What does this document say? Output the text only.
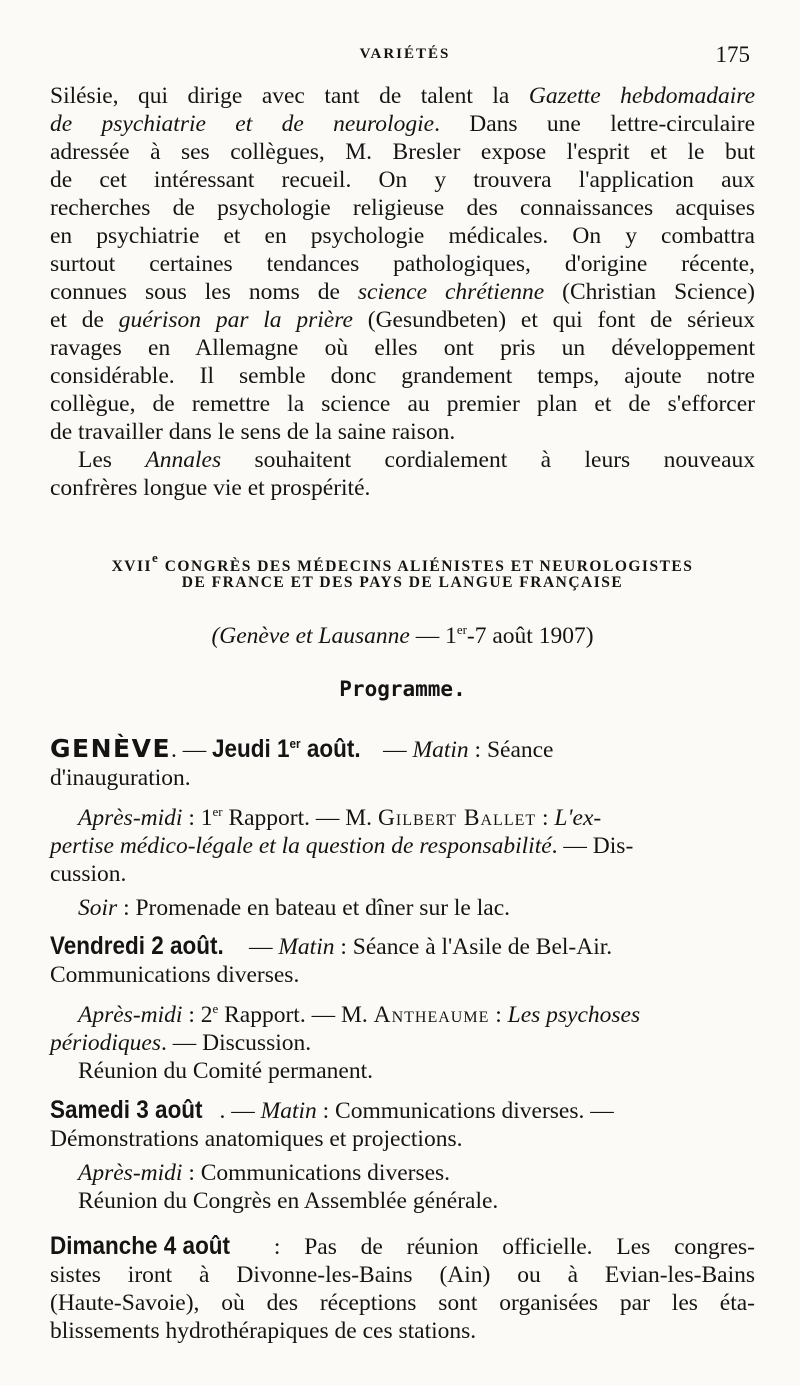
VARIÉTÉS	175

Silésie, qui dirige avec tant de talent la Gazette hebdomadaire

de psychiatrie et de neurologie. Dans une lettre-circulaire

adressée à ses collègues, M. Bresler expose l'esprit et le but

de cet intéressant recueil. On y trouvera l'application aux

recherches de psychologie religieuse des connaissances acquises

en psychiatrie et en psychologie médicales. On y combattra

surtout certaines tendances pathologiques, d'origine récente,

connues sous les noms de science chrétienne (Christian Science)

et de guérison par la prière (Gesundbeten) et qui font de sérieux

ravages en Allemagne où elles ont pris un développement

considérable. Il semble donc grandement temps, ajoute notre

collègue, de remettre la science au premier plan et de s'efforcer

de travailler dans le sens de la saine raison.

Les Annales souhaitent cordialement à leurs nouveaux

confrères longue vie et prospérité.

XVIIe CONGRÈS DES MÉDECINS ALIÉNISTES ET NEUROLOGISTES
DE FRANCE ET DES PAYS DE LANGUE FRANÇAISE
(Genève et Lausanne — 1er-7 août 1907)
Programme.
GENÈVE. — Jeudi 1er août. — Matin : Séance
d'inauguration.
Après-midi : 1er Rapport. — M. Gilbert Ballet : L'ex-
pertise médico-légale et la question de responsabilité. — Dis-
cussion.
Soir : Promenade en bateau et dîner sur le lac.
Vendredi 2 août. — Matin : Séance à l'Asile de Bel-Air.
Communications diverses.
Après-midi : 2e Rapport. — M. Antheaume : Les psychoses
périodiques. — Discussion.
Réunion du Comité permanent.
Samedi 3 août . — Matin : Communications diverses. —
Démonstrations anatomiques et projections.
Après-midi : Communications diverses.
Réunion du Congrès en Assemblée générale.
Dimanche 4 août : Pas de réunion officielle. Les congres-
sistes iront à Divonne-les-Bains (Ain) ou à Evian-les-Bains
(Haute-Savoie), où des réceptions sont organisées par les éta-
blissements hydrothérapiques de ces stations.
